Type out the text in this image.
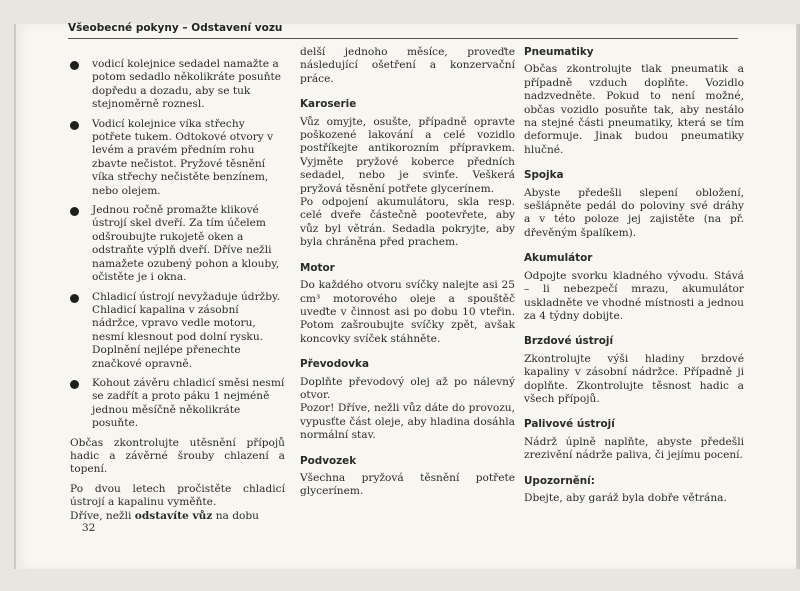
Všeobecné pokyny – Odstavení vozu
vodicí kolejnice sedadel namažte a potom sedadlo několikráte posuňte dopředu a dozadu, aby se tuk stejnoměrně roznesl.
Vodicí kolejnice víka střechy potřete tukem. Odtokové otvory v levém a pravém předním rohu zbavte nečistot. Pryžové těsnění víka střechy nečistěte benzínem, nebo olejem.
Jednou ročně promažte klikové ústrojí skel dveří. Za tím účelem odšroubujte rukojetě oken a odstraňte výplň dveří. Dříve nežli namažete ozubený pohon a klouby, očistěte je i okna.
Chladicí ústrojí nevyžaduje údržby. Chladicí kapalina v zásobní nádržce, vpravo vedle motoru, nesmí klesnout pod dolní rysku. Doplnění nejlépe přenechte značkové opravně.
Kohout závěru chladicí směsi nesmí se zadřít a proto páku 1 nejméně jednou měsíčně několikráte posuňte.

Občas zkontrolujte utěsnění přípojů hadic a závěrné šrouby chlazení a topení.

Po dvou letech pročistěte chladicí ústrojí a kapalinu vyměňte.

Dříve, nežli odstavíte vůz na dobu

delší jednoho měsíce, proveďte následující ošetření a konzervační práce.

Karoserie

Vůz omyjte, osušte, případně opravte poškozené lakování a celé vozidlo postříkejte antikorozním přípravkem. Vyjměte pryžové koberce předních sedadel, nebo je svinťe. Veškerá pryžová těsnění potřete glycerínem.

Po odpojení akumulátoru, skla resp. celé dveře částečně pootevřete, aby vůz byl větrán. Sedadla pokryjte, aby byla chráněna před prachem.

Motor

Do každého otvoru svíčky nalejte asi 25 cm³ motorového oleje a spouštěč uveďte v činnost asi po dobu 10 vteřin. Potom zašroubujte svíčky zpět, avšak koncovky svíček stáhněte.

Převodovka

Doplňte převodový olej až po nálevný otvor.

Pozor! Dříve, nežli vůz dáte do provozu, vypusťte část oleje, aby hladina dosáhla normální stav.

Podvozek

Všechna pryžová těsnění potřete glycerínem.

Pneumatiky

Občas zkontrolujte tlak pneumatik a případně vzduch doplňte. Vozidlo nadzvedněte. Pokud to není možné, občas vozidlo posuňte tak, aby nestálo na stejné části pneumatiky, která se tím deformuje. Jinak budou pneumatiky hlučné.

Spojka

Abyste předešli slepení obložení, sešlápněte pedál do poloviny své dráhy a v této poloze jej zajistěte (na př. dřevěným špalíkem).

Akumulátor

Odpojte svorku kladného vývodu. Stává – li nebezpečí mrazu, akumulátor uskladněte ve vhodné místnosti a jednou za 4 týdny dobijte.

Brzdové ústrojí

Zkontrolujte výši hladiny brzdové kapaliny v zásobní nádržce. Případně ji doplňte. Zkontrolujte těsnost hadic a všech přípojů.

Palivové ústrojí

Nádrž úplně naplňte, abyste předešli zrezivění nádrže paliva, či jejímu pocení.

Upozornění:

Dbejte, aby garáž byla dobře větrána.

32
